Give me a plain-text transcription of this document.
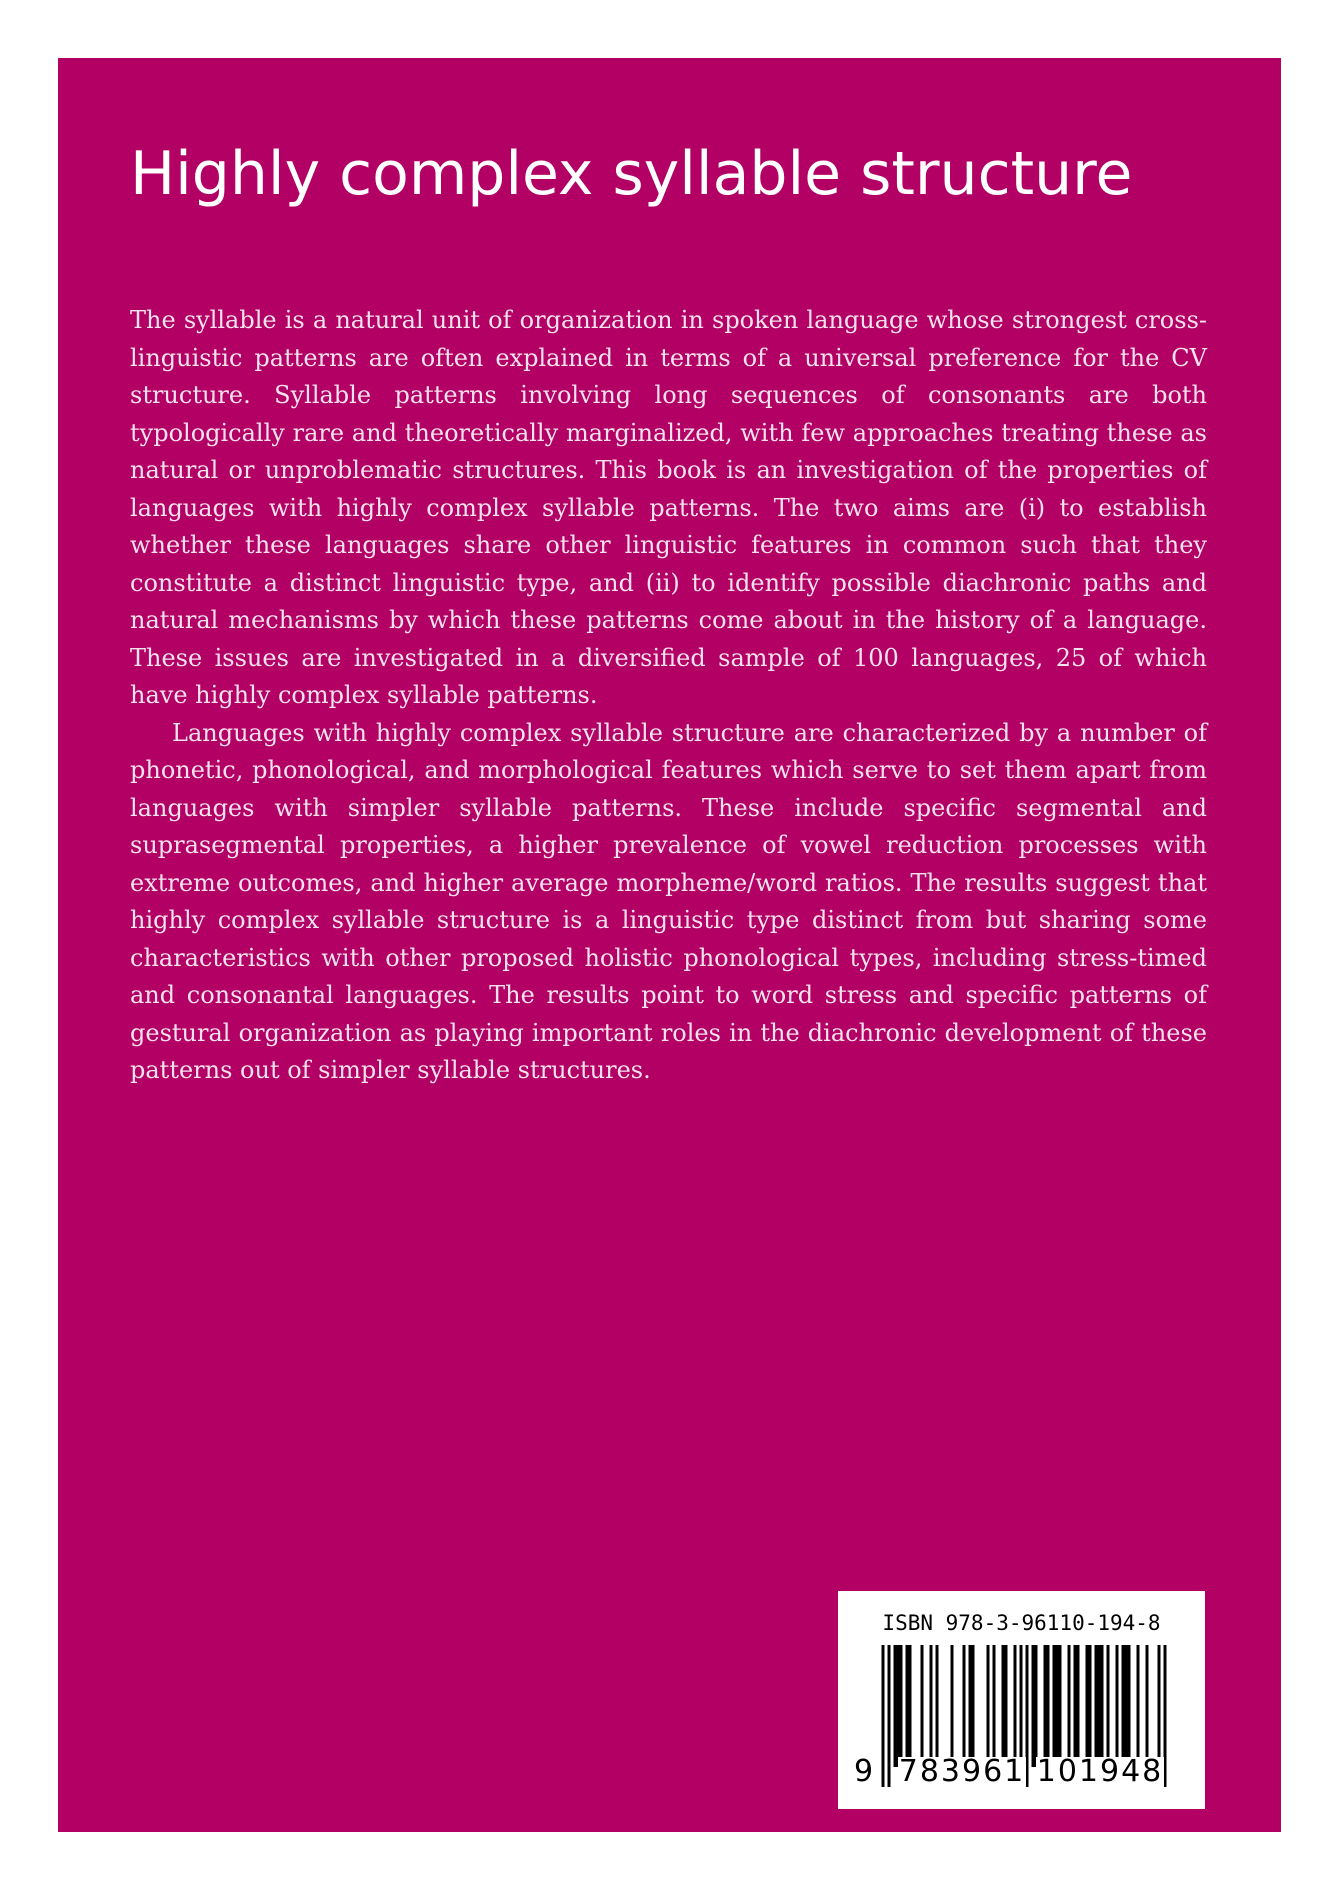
Highly complex syllable structure

The syllable is a natural unit of organization in spoken language whose strongest cross-linguistic patterns are often explained in terms of a universal preference for the CV structure. Syllable patterns involving long sequences of consonants are both typologically rare and theoretically marginalized, with few approaches treating these as natural or unproblematic structures. This book is an investigation of the properties of languages with highly complex syllable patterns. The two aims are (i) to establish whether these languages share other linguistic features in common such that they constitute a distinct linguistic type, and (ii) to identify possible diachronic paths and natural mechanisms by which these patterns come about in the history of a language. These issues are investigated in a diversified sample of 100 languages, 25 of which have highly complex syllable patterns.

Languages with highly complex syllable structure are characterized by a number of phonetic, phonological, and morphological features which serve to set them apart from languages with simpler syllable patterns. These include specific segmental and suprasegmental properties, a higher prevalence of vowel reduction processes with extreme outcomes, and higher average morpheme/word ratios. The results suggest that highly complex syllable structure is a linguistic type distinct from but sharing some characteristics with other proposed holistic phonological types, including stress-timed and consonantal languages. The results point to word stress and specific patterns of gestural organization as playing important roles in the diachronic development of these patterns out of simpler syllable structures.

ISBN 978-3-96110-194-8
9 783961 101948
